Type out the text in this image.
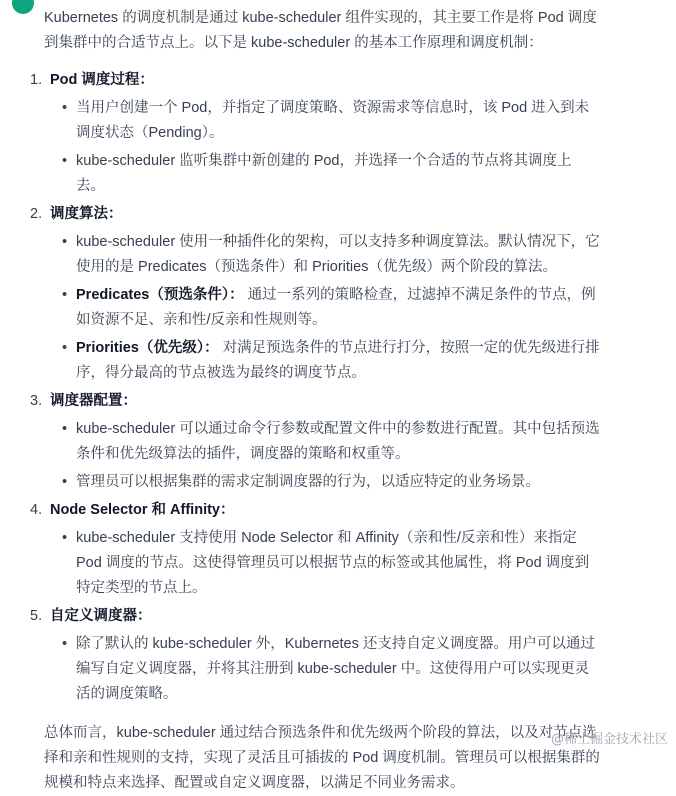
Kubernetes 的调度机制是通过 kube-scheduler 组件实现的，其主要工作是将 Pod 调度到集群中的合适节点上。以下是 kube-scheduler 的基本工作原理和调度机制：

1. Pod 调度过程：
• 当用户创建一个 Pod，并指定了调度策略、资源需求等信息时，该 Pod 进入到未调度状态（Pending）。
• kube-scheduler 监听集群中新创建的 Pod，并选择一个合适的节点将其调度上去。
2. 调度算法：
• kube-scheduler 使用一种插件化的架构，可以支持多种调度算法。默认情况下，它使用的是 Predicates（预选条件）和 Priorities（优先级）两个阶段的算法。
• Predicates（预选条件）： 通过一系列的策略检查，过滤掉不满足条件的节点，例如资源不足、亲和性/反亲和性规则等。
• Priorities（优先级）： 对满足预选条件的节点进行打分，按照一定的优先级进行排序，得分最高的节点被选为最终的调度节点。
3. 调度器配置：
• kube-scheduler 可以通过命令行参数或配置文件中的参数进行配置。其中包括预选条件和优先级算法的插件，调度器的策略和权重等。
• 管理员可以根据集群的需求定制调度器的行为，以适应特定的业务场景。
4. Node Selector 和 Affinity：
• kube-scheduler 支持使用 Node Selector 和 Affinity（亲和性/反亲和性）来指定 Pod 调度的节点。这使得管理员可以根据节点的标签或其他属性，将 Pod 调度到特定类型的节点上。
5. 自定义调度器：
• 除了默认的 kube-scheduler 外，Kubernetes 还支持自定义调度器。用户可以通过编写自定义调度器，并将其注册到 kube-scheduler 中。这使得用户可以实现更灵活的调度策略。

总体而言，kube-scheduler 通过结合预选条件和优先级两个阶段的算法，以及对节点选择和亲和性规则的支持，实现了灵活且可插拔的 Pod 调度机制。管理员可以根据集群的规模和特点来选择、配置或自定义调度器，以满足不同业务需求。

@稀土掘金技术社区
